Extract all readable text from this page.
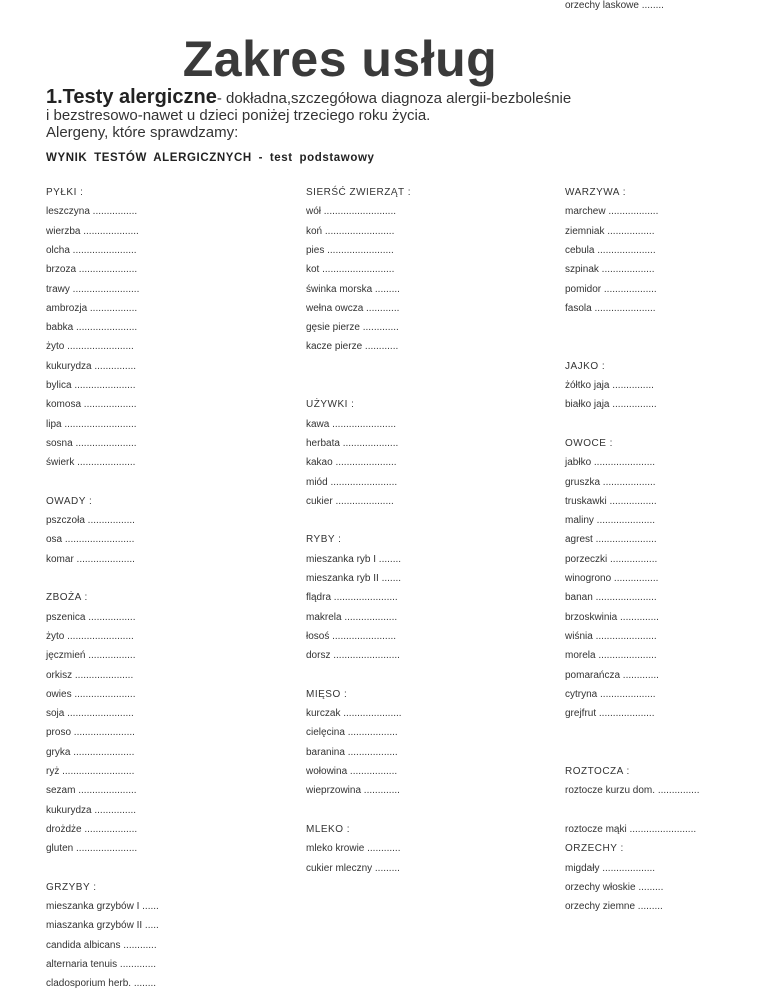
Zakres usług
1.Testy alergiczne- dokładna,szczegółowa diagnoza alergii-bezboleśnie
i bezstresowo-nawet u dzieci poniżej trzeciego roku życia.
Alergeny, które sprawdzamy:
WYNIK TESTÓW ALERGICZNYCH - test podstawowy
PYŁKI :
leszczyna ................
wierzba ....................
olcha .......................
brzoza .....................
trawy ........................
ambrozja .................
babka ......................
żyto ........................
kukurydza ...............
bylica ......................
komosa ...................
lipa ..........................
sosna ......................
świerk .....................
OWADY :
pszczoła .................
osa .........................
komar .....................
ZBOŻA :
pszenica .................
żyto ........................
jęczmień .................
orkisz .....................
owies ......................
soja ........................
proso ......................
gryka ......................
ryż ..........................
sezam .....................
kukurydza ...............
drożdże ...................
gluten ......................
GRZYBY :
mieszanka grzybów I ......
miaszanka grzybów II .....
candida albicans ............
alternaria tenuis .............
cladosporium herb. ........
SIERŚĆ ZWIERZĄT :
wół ..........................
koń .........................
pies ........................
kot ..........................
świnka morska .........
wełna owcza ............
gęsie pierze .............
kacze pierze ............
UŻYWKI :
kawa .......................
herbata ....................
kakao ......................
miód ........................
cukier .....................
RYBY :
mieszanka ryb I ........
mieszanka ryb II .......
flądra .......................
makrela ...................
łosoś .......................
dorsz ........................
MIĘSO :
kurczak .....................
cielęcina ..................
baranina ..................
wołowina .................
wieprzowina .............
MLEKO :
mleko krowie ............
cukier mleczny .........
WARZYWA :
marchew ..................
ziemniak .................
cebula .....................
szpinak ...................
pomidor ...................
fasola ......................
JAJKO :
żółtko jaja ...............
białko jaja ................
OWOCE :
jabłko ......................
gruszka ...................
truskawki .................
maliny .....................
agrest ......................
porzeczki .................
winogrono ................
banan ......................
brzoskwinia ..............
wiśnia ......................
morela .....................
pomarańcza .............
cytryna ....................
grejfrut ....................
ROZTOCZA :
roztocze kurzu dom. ...............
roztocze mąki ........................
ORZECHY :
migdały ...................
orzechy włoskie .........
orzechy ziemne .........
orzechy laskowe ........
